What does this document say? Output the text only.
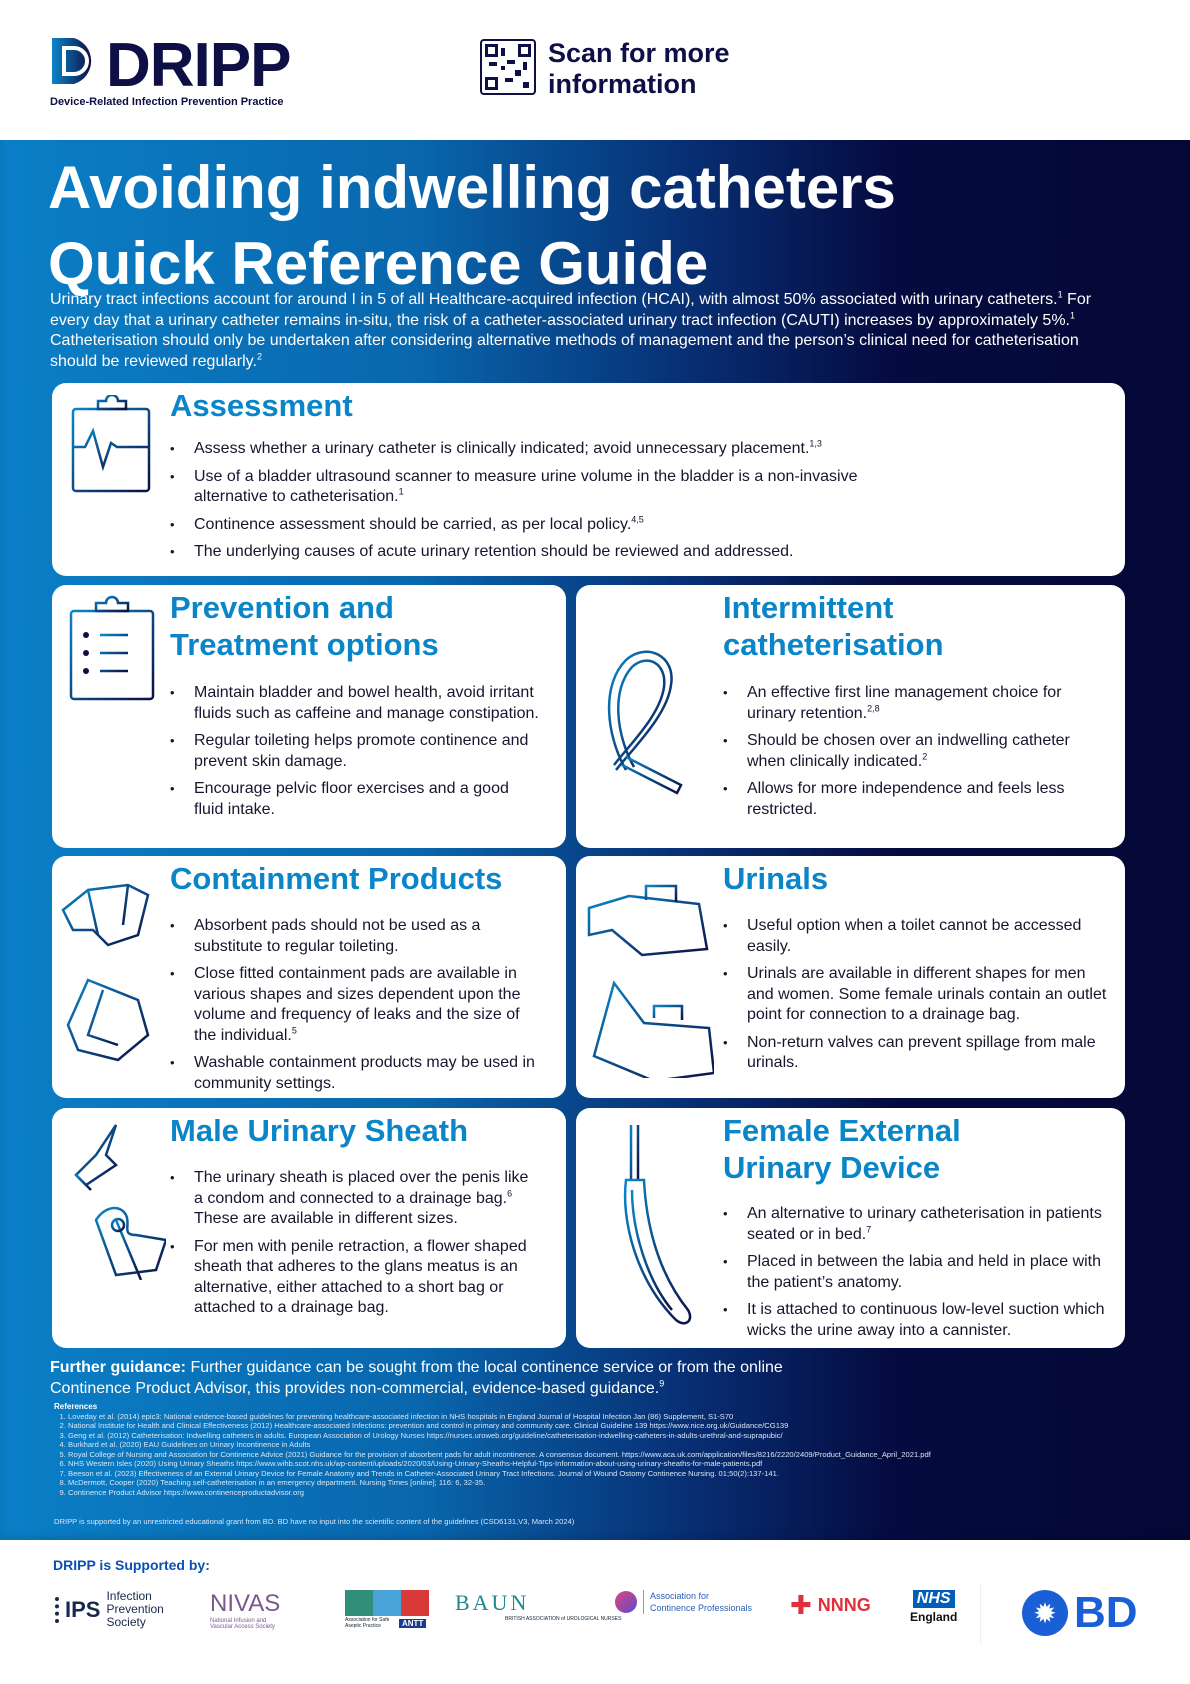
DRIPP
Device-Related Infection Prevention Practice
Scan for more
information
Avoiding indwelling catheters
Quick Reference Guide

Urinary tract infections account for around I in 5 of all Healthcare-acquired infection (HCAI), with almost 50% associated with urinary catheters.$^1$ For every day that a urinary catheter remains in-situ, the risk of a catheter-associated urinary tract infection (CAUTI) increases by approximately 5%.$^1$ Catheterisation should only be undertaken after considering alternative methods of management and the person’s clinical need for catheterisation should be reviewed regularly.$^2$

Assessment
• Assess whether a urinary catheter is clinically indicated; avoid unnecessary placement.$^{1,3}$
• Use of a bladder ultrasound scanner to measure urine volume in the bladder is a non-invasive alternative to catheterisation.$^1$
• Continence assessment should be carried, as per local policy.$^{4,5}$
• The underlying causes of acute urinary retention should be reviewed and addressed.
Prevention and
Treatment options
• Maintain bladder and bowel health, avoid irritant fluids such as caffeine and manage constipation.
• Regular toileting helps promote continence and prevent skin damage.
• Encourage pelvic floor exercises and a good fluid intake.
Intermittent
catheterisation
• An effective first line management choice for urinary retention.$^{2,8}$
• Should be chosen over an indwelling catheter when clinically indicated.$^2$
• Allows for more independence and feels less restricted.
Containment Products
• Absorbent pads should not be used as a substitute to regular toileting.
• Close fitted containment pads are available in various shapes and sizes dependent upon the volume and frequency of leaks and the size of the individual.$^5$
• Washable containment products may be used in community settings.
Urinals
• Useful option when a toilet cannot be accessed easily.
• Urinals are available in different shapes for men and women. Some female urinals contain an outlet point for connection to a drainage bag.
• Non-return valves can prevent spillage from male urinals.
Male Urinary Sheath
• The urinary sheath is placed over the penis like a condom and connected to a drainage bag.$^6$ These are available in different sizes.
• For men with penile retraction, a flower shaped sheath that adheres to the glans meatus is an alternative, either attached to a short bag or attached to a drainage bag.
Female External
Urinary Device
• An alternative to urinary catheterisation in patients seated or in bed.$^7$
• Placed in between the labia and held in place with the patient’s anatomy.
• It is attached to continuous low-level suction which wicks the urine away into a cannister.

Further guidance: Further guidance can be sought from the local continence service or from the online Continence Product Advisor, this provides non-commercial, evidence-based guidance.$^9$

References
1. Loveday et al. (2014) epic3: National evidence-based guidelines for preventing healthcare-associated infection in NHS hospitals in England Journal of Hospital Infection Jan (86) Supplement, S1-S70
2. National Institute for Health and Clinical Effectiveness (2012) Healthcare-associated Infections: prevention and control in primary and community care. Clinical Guideline 139 https://www.nice.org.uk/Guidance/CG139
3. Geng et al. (2012) Catheterisation: Indwelling catheters in adults. European Association of Urology Nurses https://nurses.uroweb.org/guideline/catheterisation-indwelling-catheters-in-adults-urethral-and-suprapubic/
4. Burkhard et al. (2020) EAU Guidelines on Urinary Incontinence in Adults
5. Royal College of Nursing and Association for Continence Advice (2021) Guidance for the provision of absorbent pads for adult incontinence. A consensus document. https://www.aca.uk.com/application/files/8216/2220/2409/Product_Guidance_April_2021.pdf
6. NHS Western Isles (2020) Using Urinary Sheaths https://www.wihb.scot.nhs.uk/wp-content/uploads/2020/03/Using-Urinary-Sheaths-Helpful-Tips-Information-about-using-urinary-sheaths-for-male-patients.pdf
7. Beeson et al. (2023) Effectiveness of an External Urinary Device for Female Anatomy and Trends in Catheter-Associated Urinary Tract Infections. Journal of Wound Ostomy Continence Nursing. 01;50(2):137-141.
8. McDermott, Cooper (2020) Teaching self-catheterisation in an emergency department. Nursing Times [online]; 116: 6, 32-35.
9. Continence Product Advisor https://www.continenceproductadvisor.org
DRIPP is supported by an unrestricted educational grant from BD. BD have no input into the scientific content of the guidelines (CSD6131,V3, March 2024)
DRIPP is Supported by:
IPS
Infection Prevention Society
NIVAS
National Infusion and Vascular Access Society
Association for Safe Aseptic Practice	ANTT
BAUN
BRITISH ASSOCIATION of UROLOGICAL NURSES
Association for
Continence Professionals ✚ NNNG	NHS
England	✹ BD
